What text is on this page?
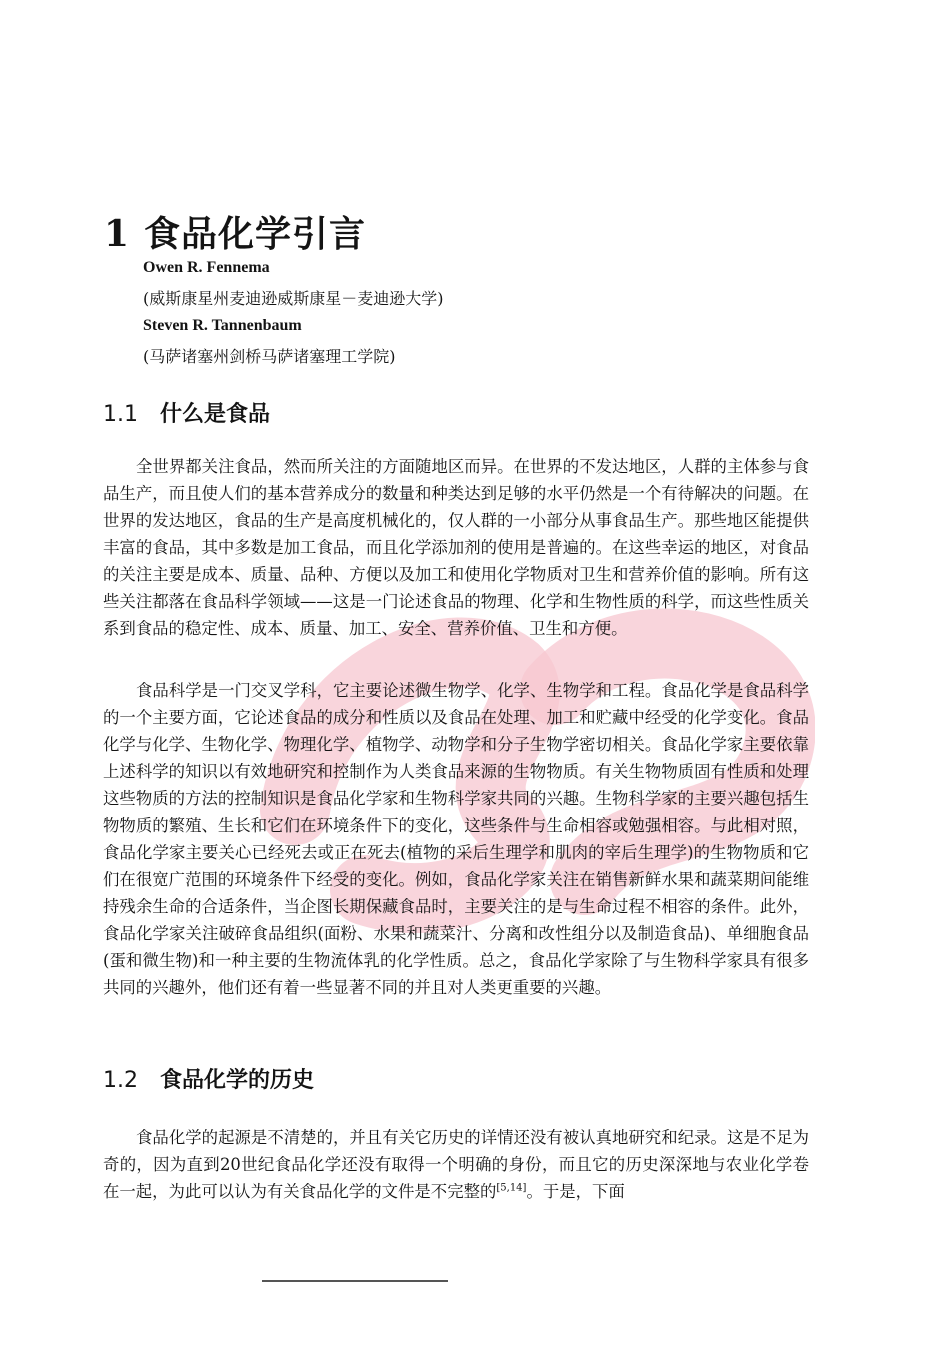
1 食品化学引言
Owen R. Fennema
(威斯康星州麦迪逊威斯康星－麦迪逊大学)
Steven R. Tannenbaum
(马萨诸塞州剑桥马萨诸塞理工学院)
1.1 什么是食品
全世界都关注食品，然而所关注的方面随地区而异。在世界的不发达地区，人群的主体参与食品生产，而且使人们的基本营养成分的数量和种类达到足够的水平仍然是一个有待解决的问题。在世界的发达地区，食品的生产是高度机械化的，仅人群的一小部分从事食品生产。那些地区能提供丰富的食品，其中多数是加工食品，而且化学添加剂的使用是普遍的。在这些幸运的地区，对食品的关注主要是成本、质量、品种、方便以及加工和使用化学物质对卫生和营养价值的影响。所有这些关注都落在食品科学领域——这是一门论述食品的物理、化学和生物性质的科学，而这些性质关系到食品的稳定性、成本、质量、加工、安全、营养价值、卫生和方便。
食品科学是一门交叉学科，它主要论述微生物学、化学、生物学和工程。食品化学是食品科学的一个主要方面，它论述食品的成分和性质以及食品在处理、加工和贮藏中经受的化学变化。食品化学与化学、生物化学、物理化学、植物学、动物学和分子生物学密切相关。食品化学家主要依靠上述科学的知识以有效地研究和控制作为人类食品来源的生物物质。有关生物物质固有性质和处理这些物质的方法的控制知识是食品化学家和生物科学家共同的兴趣。生物科学家的主要兴趣包括生物物质的繁殖、生长和它们在环境条件下的变化，这些条件与生命相容或勉强相容。与此相对照，食品化学家主要关心已经死去或正在死去(植物的采后生理学和肌肉的宰后生理学)的生物物质和它们在很宽广范围的环境条件下经受的变化。例如，食品化学家关注在销售新鲜水果和蔬菜期间能维持残余生命的合适条件，当企图长期保藏食品时，主要关注的是与生命过程不相容的条件。此外，食品化学家关注破碎食品组织(面粉、水果和蔬菜汁、分离和改性组分以及制造食品)、单细胞食品(蛋和微生物)和一种主要的生物流体乳的化学性质。总之，食品化学家除了与生物科学家具有很多共同的兴趣外，他们还有着一些显著不同的并且对人类更重要的兴趣。
1.2 食品化学的历史
食品化学的起源是不清楚的，并且有关它历史的详情还没有被认真地研究和纪录。这是不足为奇的，因为直到20世纪食品化学还没有取得一个明确的身份，而且它的历史深深地与农业化学卷在一起，为此可以认为有关食品化学的文件是不完整的[5,14]。于是，下面
